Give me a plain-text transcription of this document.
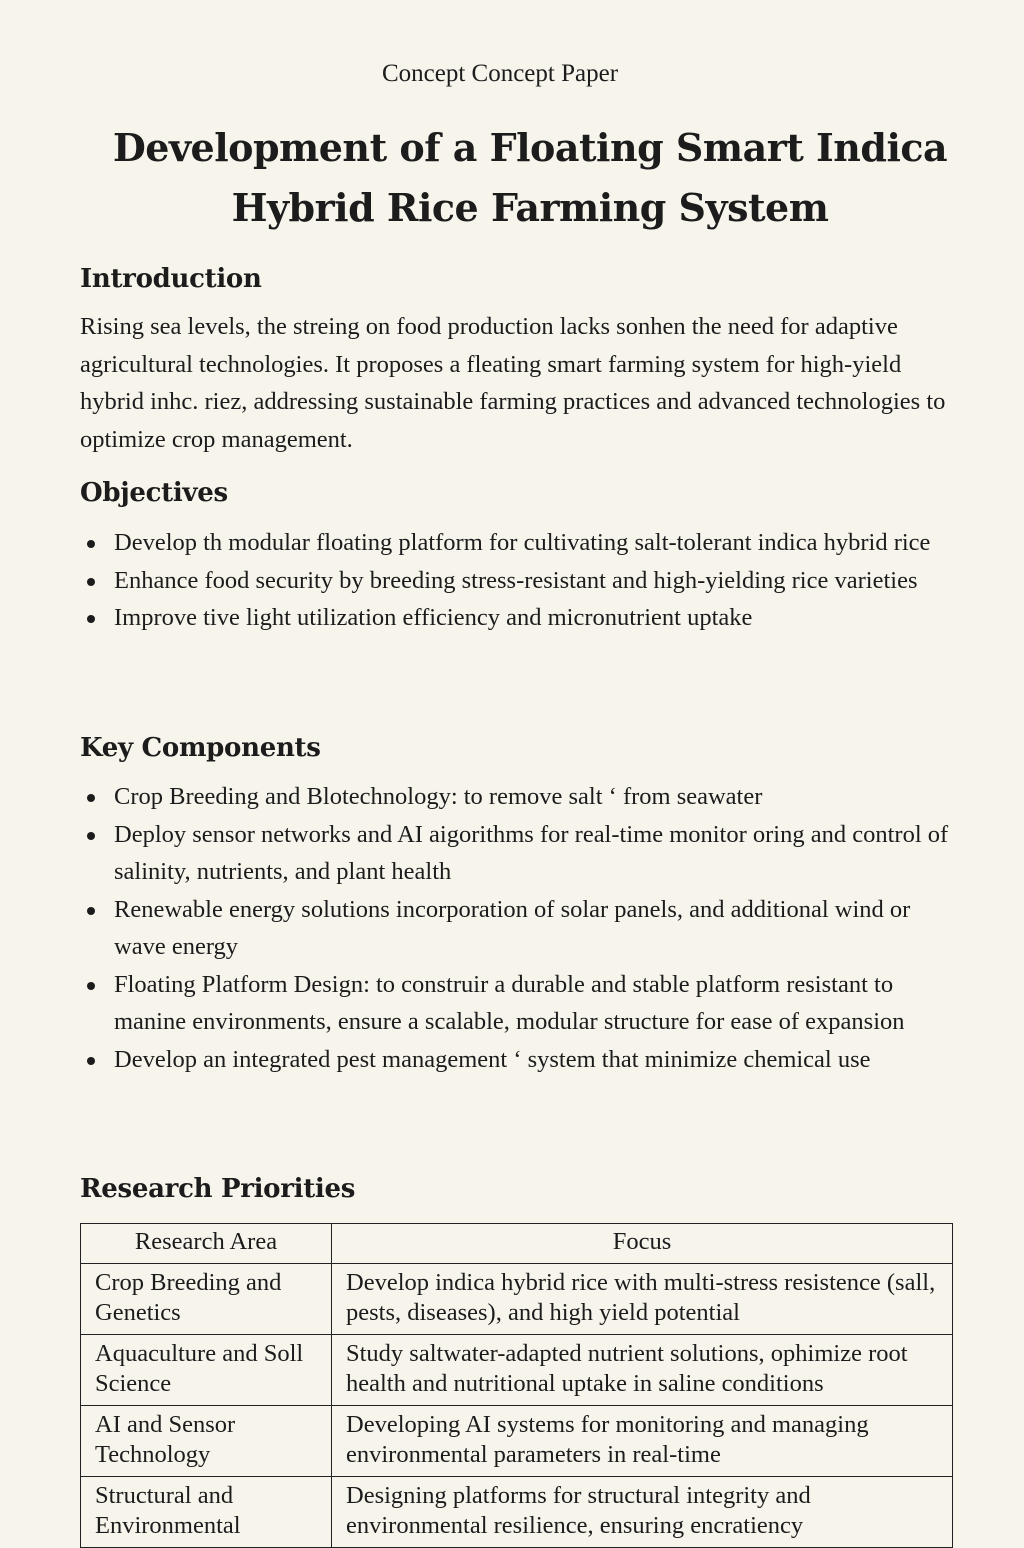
Concept Concept Paper
Development of a Floating Smart Indica Hybrid Rice Farming System
Introduction

Rising sea levels, the streing on food production lacks sonhen the need for adaptive agricultural technologies. It proposes a fleating smart farming system for high-yield hybrid inhc. riez, addressing sustainable farming practices and advanced technologies to optimize crop management.

Objectives
Develop th modular floating platform for cultivating salt-tolerant indica hybrid rice
Enhance food security by breeding stress-resistant and high-yielding rice varieties
Improve tive light utilization efficiency and micronutrient uptake
Key Components
Crop Breeding and Blotechnology: to remove salt ‘ from seawater
Deploy sensor networks and AI aigorithms for real-time monitor oring and control of salinity, nutrients, and plant health
Renewable energy solutions incorporation of solar panels, and additional wind or wave energy
Floating Platform Design: to construir a durable and stable platform resistant to manine environments, ensure a scalable, modular structure for ease of expansion
Develop an integrated pest management ‘ system that minimize chemical use
Research Priorities
Research Area	Focus
Crop Breeding and Genetics	Develop indica hybrid rice with multi-stress resistence (sall, pests, diseases), and high yield potential
Aquaculture and Soll Science	Study saltwater-adapted nutrient solutions, ophimize root health and nutritional uptake in saline conditions
AI and Sensor Technology	Developing AI systems for monitoring and managing environmental parameters in real-time
Structural and Environmental	Designing platforms for structural integrity and environmental resilience, ensuring encratiency
